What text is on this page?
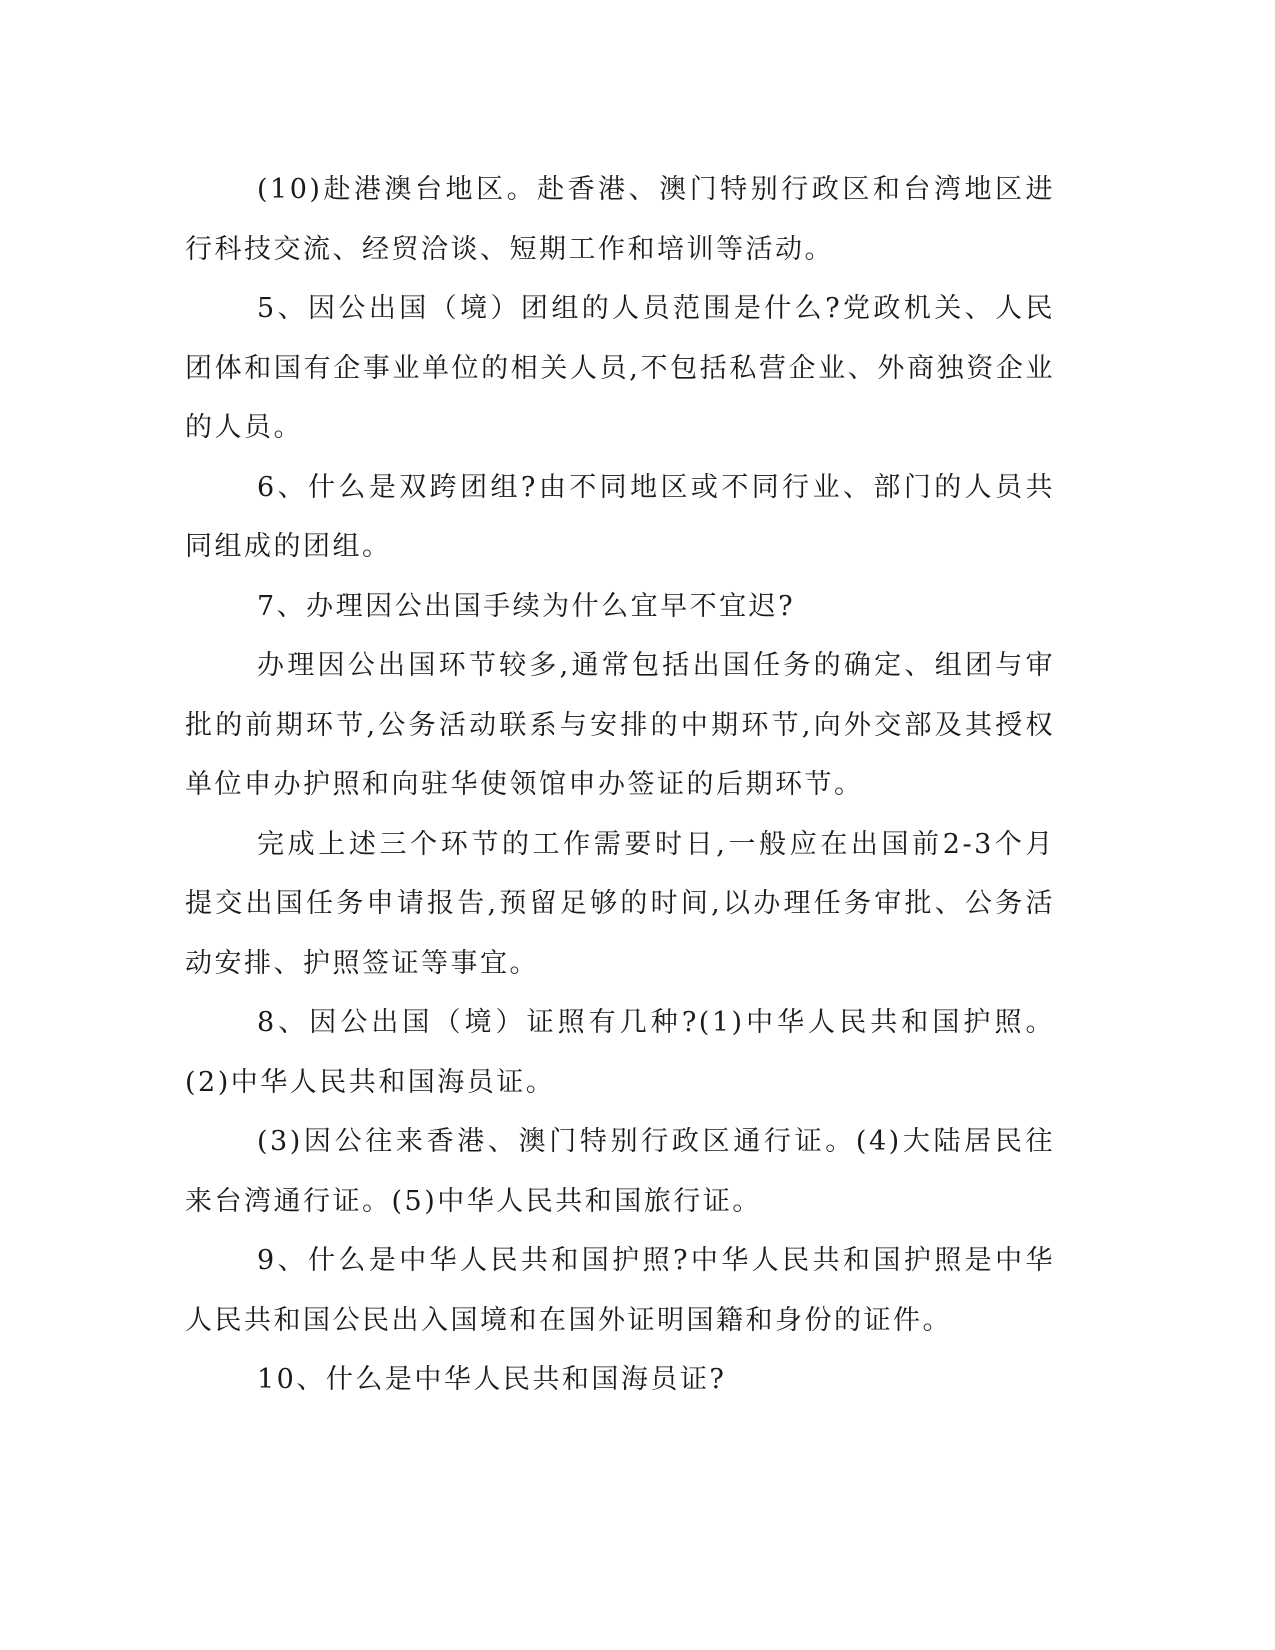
(10)赴港澳台地区。赴香港、澳门特别行政区和台湾地区进行科技交流、经贸洽谈、短期工作和培训等活动。

5、因公出国（境）团组的人员范围是什么?党政机关、人民团体和国有企事业单位的相关人员,不包括私营企业、外商独资企业的人员。

6、什么是双跨团组?由不同地区或不同行业、部门的人员共同组成的团组。

7、办理因公出国手续为什么宜早不宜迟?

办理因公出国环节较多,通常包括出国任务的确定、组团与审批的前期环节,公务活动联系与安排的中期环节,向外交部及其授权单位申办护照和向驻华使领馆申办签证的后期环节。

完成上述三个环节的工作需要时日,一般应在出国前2-3个月提交出国任务申请报告,预留足够的时间,以办理任务审批、公务活动安排、护照签证等事宜。

8、因公出国（境）证照有几种?(1)中华人民共和国护照。(2)中华人民共和国海员证。

(3)因公往来香港、澳门特别行政区通行证。(4)大陆居民往来台湾通行证。(5)中华人民共和国旅行证。

9、什么是中华人民共和国护照?中华人民共和国护照是中华人民共和国公民出入国境和在国外证明国籍和身份的证件。

10、什么是中华人民共和国海员证?
